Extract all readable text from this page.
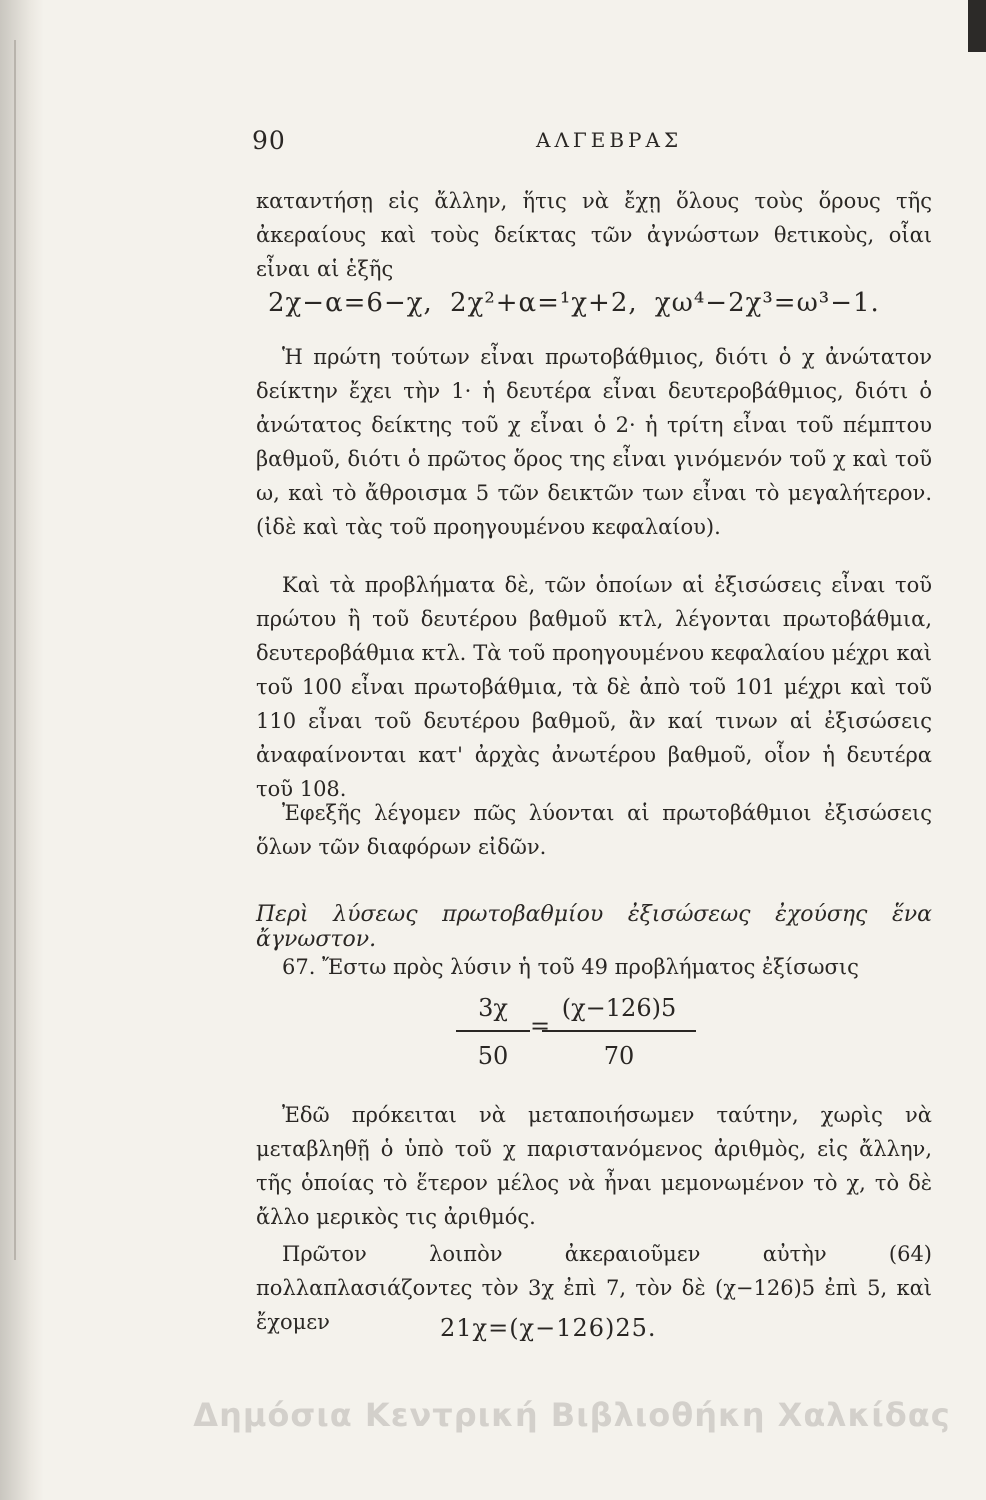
90	ΑΛΓΕΒΡΑΣ

καταντήσῃ εἰς ἄλλην, ἥτις νὰ ἔχῃ ὅλους τοὺς ὅρους τῆς ἀκεραίους καὶ τοὺς δείκτας τῶν ἀγνώστων θετικοὺς, οἷαι εἶναι αἱ ἑξῆς

2χ−α=6−χ, 2χ²+α=¹χ+2, χω⁴−2χ³=ω³−1.

Ἡ πρώτη τούτων εἶναι πρωτοβάθμιος, διότι ὁ χ ἀνώτατον δείκτην ἔχει τὴν 1· ἡ δευτέρα εἶναι δευτεροβάθμιος, διότι ὁ ἀνώτατος δείκτης τοῦ χ εἶναι ὁ 2· ἡ τρίτη εἶναι τοῦ πέμπτου βαθμοῦ, διότι ὁ πρῶτος ὅρος της εἶναι γινόμενόν τοῦ χ καὶ τοῦ ω, καὶ τὸ ἄθροισμα 5 τῶν δεικτῶν των εἶναι τὸ μεγαλήτερον. (ἰδὲ καὶ τὰς τοῦ προηγουμένου κεφαλαίου).

Καὶ τὰ προβλήματα δὲ, τῶν ὁποίων αἱ ἐξισώσεις εἶναι τοῦ πρώτου ἢ τοῦ δευτέρου βαθμοῦ κτλ, λέγονται πρωτοβάθμια, δευτεροβάθμια κτλ. Τὰ τοῦ προηγουμένου κεφαλαίου μέχρι καὶ τοῦ 100 εἶναι πρωτοβάθμια, τὰ δὲ ἀπὸ τοῦ 101 μέχρι καὶ τοῦ 110 εἶναι τοῦ δευτέρου βαθμοῦ, ἂν καί τινων αἱ ἐξισώσεις ἀναφαίνονται κατ' ἀρχὰς ἀνωτέρου βαθμοῦ, οἷον ἡ δευτέρα τοῦ 108.

Ἐφεξῆς λέγομεν πῶς λύονται αἱ πρωτοβάθμιοι ἐξισώσεις ὅλων τῶν διαφόρων εἰδῶν.

Περὶ λύσεως πρωτοβαθμίου ἐξισώσεως ἐχούσης ἕνα ἄγνωστον.

67. Ἔστω πρὸς λύσιν ἡ τοῦ 49 προβλήματος ἐξίσωσις

3χ
50
=
(χ−126)5
70

Ἐδῶ πρόκειται νὰ μεταποιήσωμεν ταύτην, χωρὶς νὰ μεταβληθῇ ὁ ὑπὸ τοῦ χ παριστανόμενος ἀριθμὸς, εἰς ἄλλην, τῆς ὁποίας τὸ ἕτερον μέλος νὰ ἦναι μεμονωμένον τὸ χ, τὸ δὲ ἄλλο μερικὸς τις ἀριθμός.

Πρῶτον λοιπὸν ἀκεραιοῦμεν αὐτὴν (64) πολλαπλασιάζοντες τὸν 3χ ἐπὶ 7, τὸν δὲ (χ−126)5 ἐπὶ 5, καὶ ἔχομεν	21χ=(χ−126)25.
Δημόσια Κεντρική Βιβλιοθήκη Χαλκίδας
